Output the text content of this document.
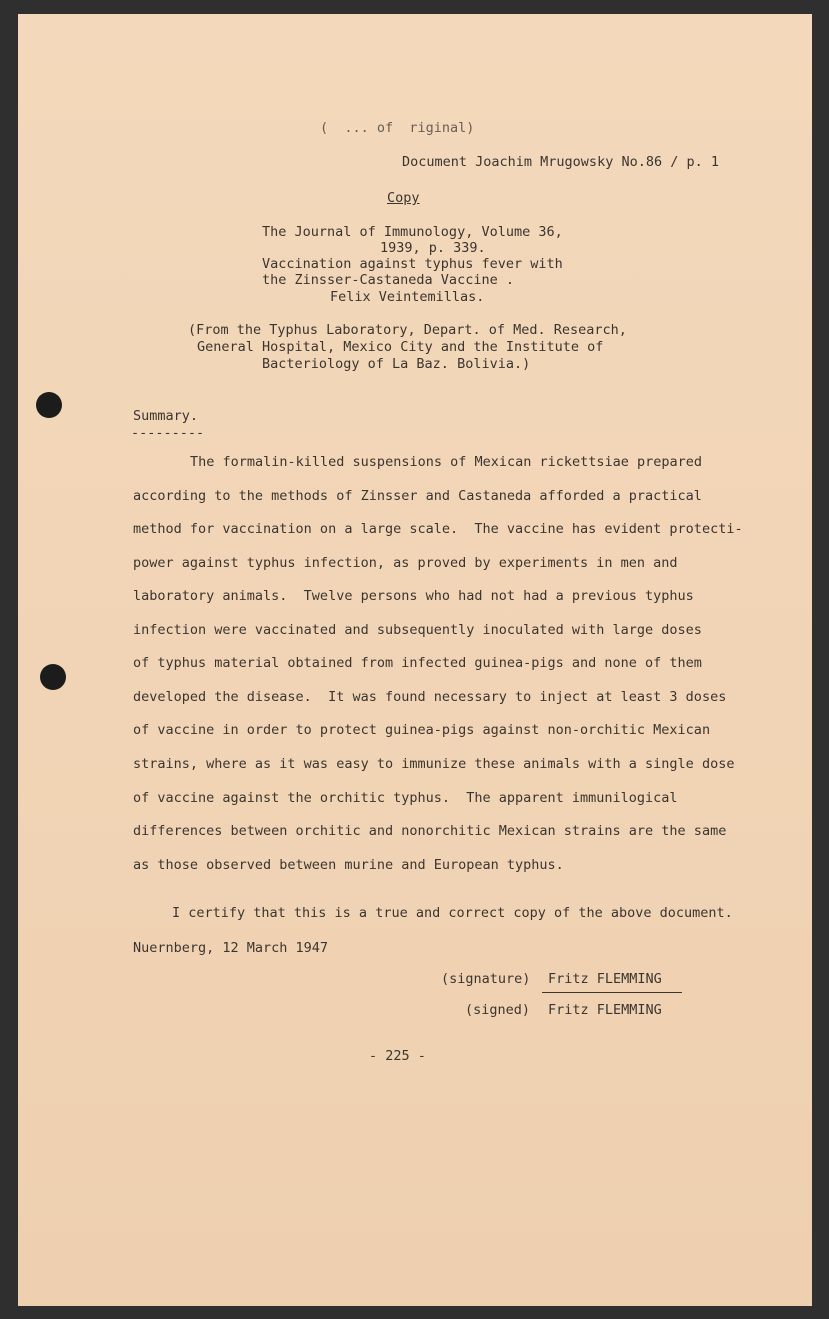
(  ... of  riginal)
Document Joachim Mrugowsky No.86 / p. 1
Copy
The Journal of Immunology, Volume 36,
1939, p. 339.
Vaccination against typhus fever with
the Zinsser-Castaneda Vaccine .
Felix Veintemillas.
(From the Typhus Laboratory, Depart. of Med. Research,
General Hospital, Mexico City and the Institute of
Bacteriology of La Baz. Bolivia.)
Summary.
---------
The formalin-killed suspensions of Mexican rickettsiae prepared
according to the methods of Zinsser and Castaneda afforded a practical
method for vaccination on a large scale.  The vaccine has evident protecti-
power against typhus infection, as proved by experiments in men and
laboratory animals.  Twelve persons who had not had a previous typhus
infection were vaccinated and subsequently inoculated with large doses
of typhus material obtained from infected guinea-pigs and none of them
developed the disease.  It was found necessary to inject at least 3 doses
of vaccine in order to protect guinea-pigs against non-orchitic Mexican
strains, where as it was easy to immunize these animals with a single dose
of vaccine against the orchitic typhus.  The apparent immunilogical
differences between orchitic and nonorchitic Mexican strains are the same
as those observed between murine and European typhus.
I certify that this is a true and correct copy of the above document.
Nuernberg, 12 March 1947
(signature) Fritz FLEMMING
(signed) Fritz FLEMMING
- 225 -
